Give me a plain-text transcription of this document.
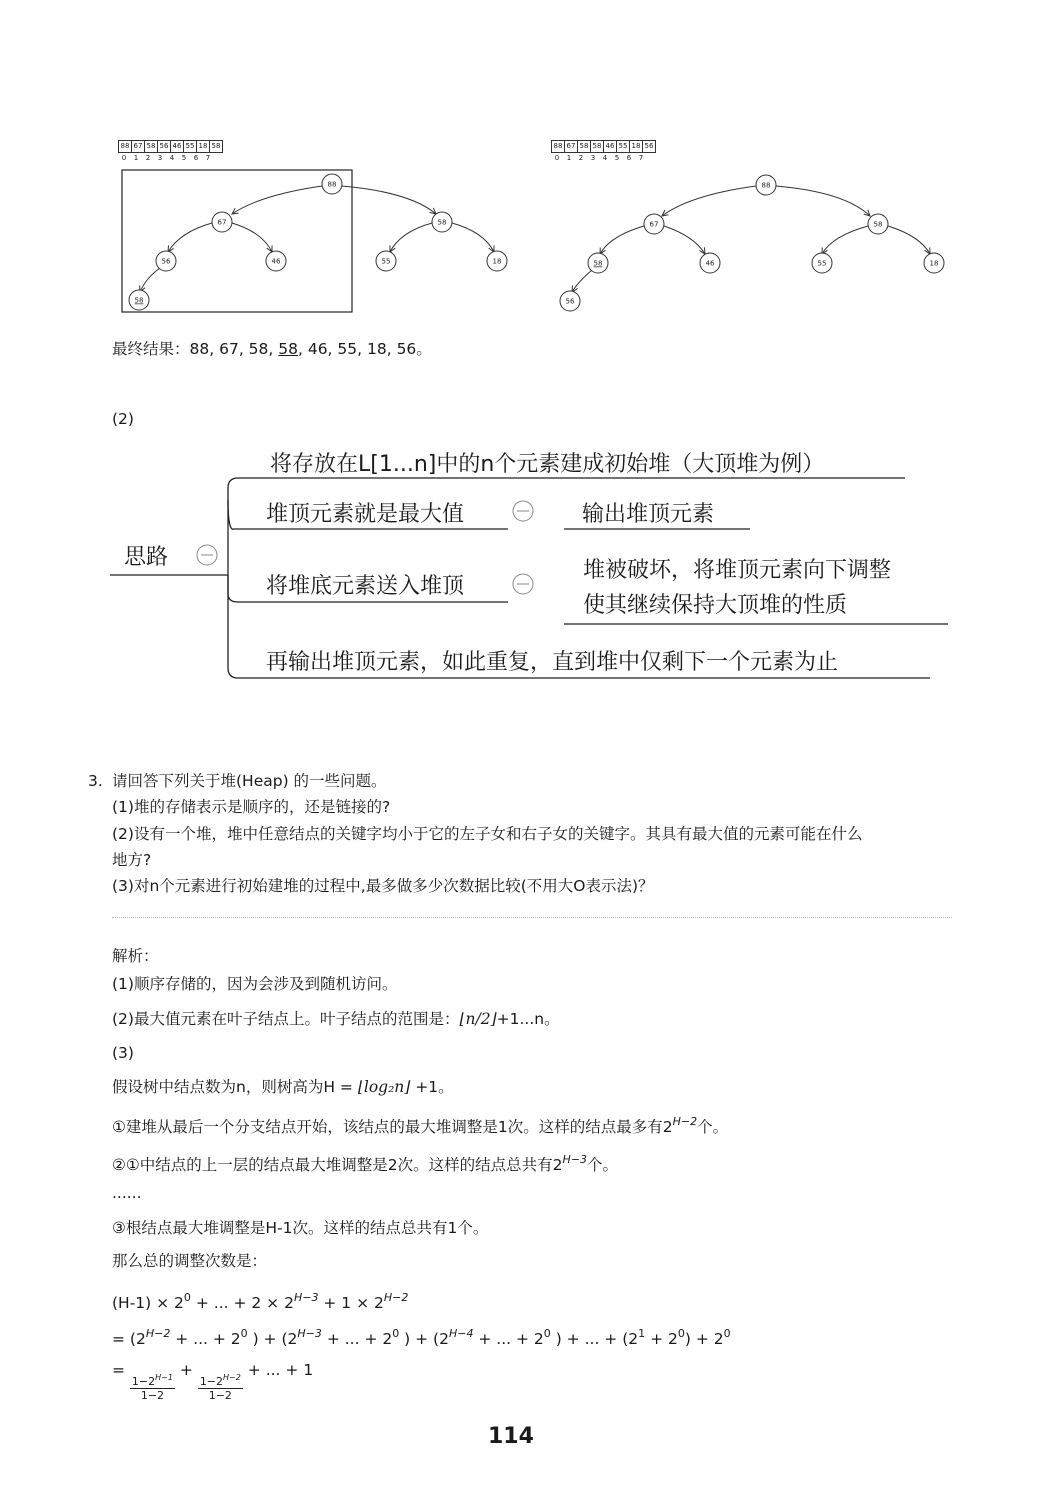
88 67 58 56 46 55 18 58
0	1	2	3	4	5	6	7
88
67	58
56	46	55	18
58
88
67	58
58	46	55	18
56
88 67 58 58 46 55 18 56
0	1	2	3	4	5	6	7
最终结果：88, 67, 58, 58, 46, 55, 18, 56。
(2)
思路
将存放在L[1...n]中的n个元素建成初始堆（大顶堆为例）
堆顶元素就是最大值	输出堆顶元素
将堆底元素送入堆顶
堆被破坏，将堆顶元素向下调整
使其继续保持大顶堆的性质
再输出堆顶元素，如此重复，直到堆中仅剩下一个元素为止
3. 请回答下列关于堆(Heap) 的一些问题。
(1)堆的存储表示是顺序的，还是链接的?
(2)设有一个堆，堆中任意结点的关键字均小于它的左子女和右子女的关键字。其具有最大值的元素可能在什么
地方?
(3)对n个元素进行初始建堆的过程中,最多做多少次数据比较(不用大O表示法)？
解析：
(1)顺序存储的，因为会涉及到随机访问。
(2)最大值元素在叶子结点上。叶子结点的范围是：⌊n/2⌋+1...n。
(3)
假设树中结点数为n，则树高为H = ⌊log₂n⌋ +1。
①建堆从最后一个分支结点开始，该结点的最大堆调整是1次。这样的结点最多有$2^{H-2}$个。
②①中结点的上一层的结点最大堆调整是2次。这样的结点总共有$2^{H-3}$个。
......
③根结点最大堆调整是H-1次。这样的结点总共有1个。
那么总的调整次数是：
$(H-1) \times 2^0$ + ... + $2 \times 2^{H-3} + 1 \times 2^{H-2}$
= ($2^{H-2}$ + ... + $2^0$ ) + ($2^{H-3}$ + ... + $2^0$ ) + ($2^{H-4}$ + ... + $2^0$ ) + ... + $(2^1 + 2^0) + 2^0$
=
$\frac{1-2^{H-1}}{1-2}$
+
$\frac{1-2^{H-2}}{1-2}$
+ ... + 1
114
